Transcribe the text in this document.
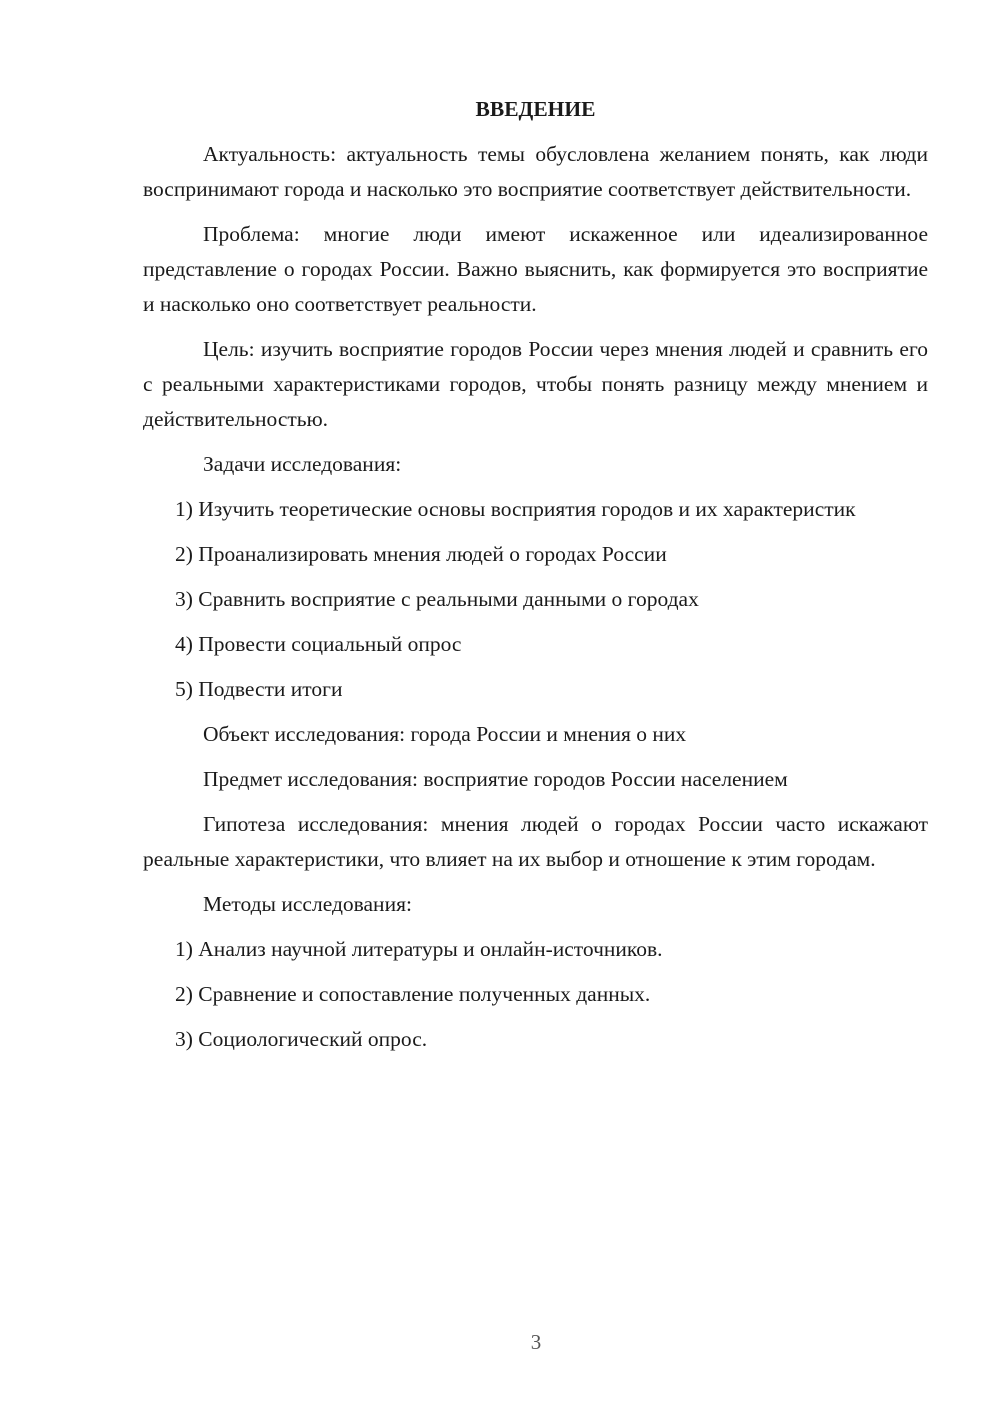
ВВЕДЕНИЕ

Актуальность: актуальность темы обусловлена желанием понять, как люди воспринимают города и насколько это восприятие соответствует действительности.

Проблема: многие люди имеют искаженное или идеализированное представление о городах России. Важно выяснить, как формируется это восприятие и насколько оно соответствует реальности.

Цель: изучить восприятие городов России через мнения людей и сравнить его с реальными характеристиками городов, чтобы понять разницу между мнением и действительностью.

Задачи исследования:

1) Изучить теоретические основы восприятия городов и их характеристик

2) Проанализировать мнения людей о городах России

3) Сравнить восприятие с реальными данными о городах

4) Провести социальный опрос

5) Подвести итоги

Объект исследования: города России и мнения о них

Предмет исследования: восприятие городов России населением

Гипотеза исследования: мнения людей о городах России часто искажают реальные характеристики, что влияет на их выбор и отношение к этим городам.

Методы исследования:

1) Анализ научной литературы и онлайн-источников.

2) Сравнение и сопоставление полученных данных.

3) Социологический опрос.

3
